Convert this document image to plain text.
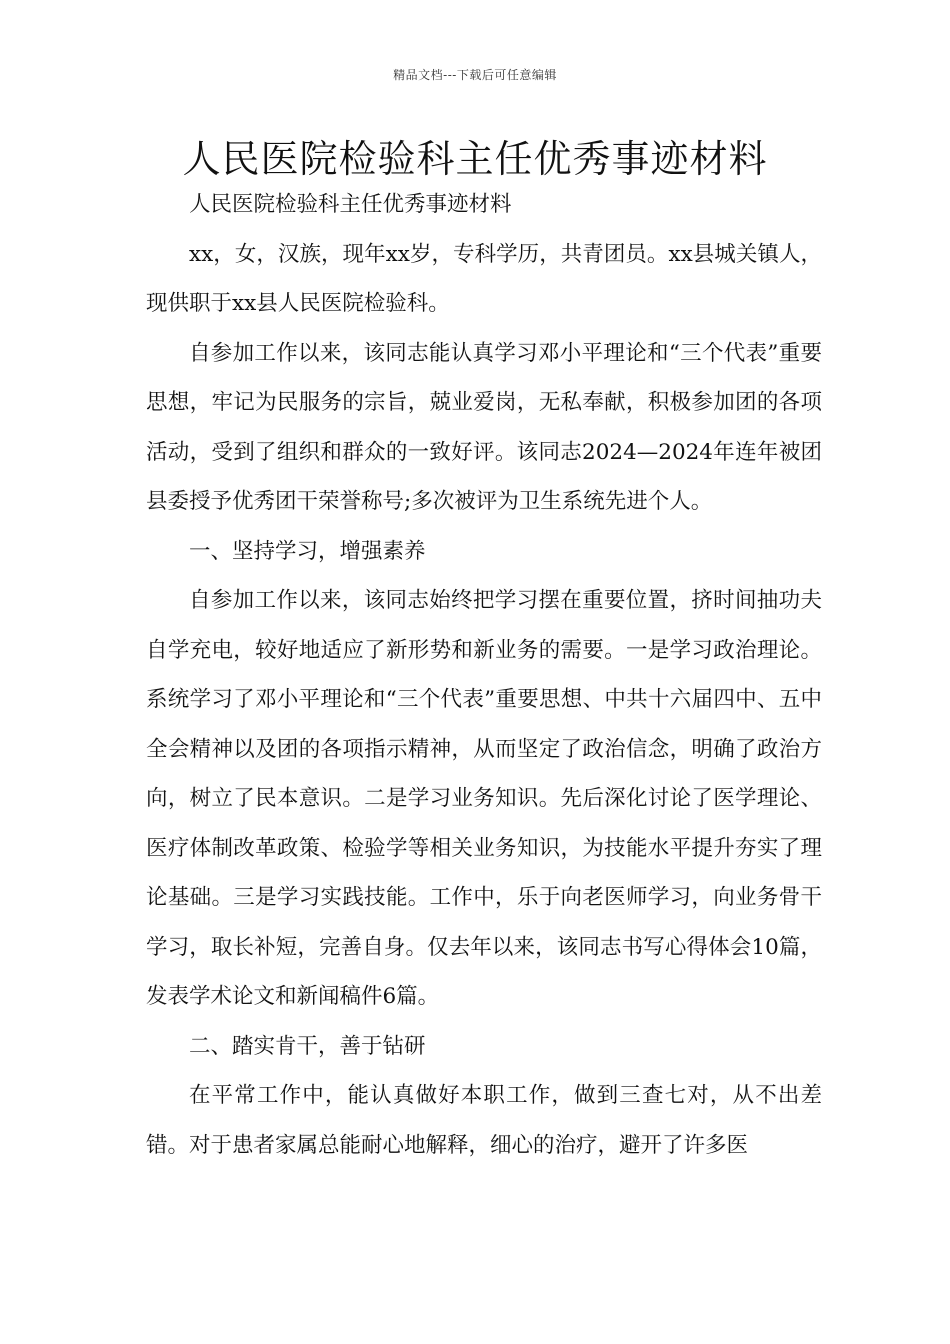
精品文档---下载后可任意编辑
人民医院检验科主任优秀事迹材料

人民医院检验科主任优秀事迹材料

xx，女，汉族，现年xx岁，专科学历，共青团员。xx县城关镇人，现供职于xx县人民医院检验科。

自参加工作以来，该同志能认真学习邓小平理论和“三个代表”重要思想，牢记为民服务的宗旨，兢业爱岗，无私奉献，积极参加团的各项活动，受到了组织和群众的一致好评。该同志2024—2024年连年被团县委授予优秀团干荣誉称号;多次被评为卫生系统先进个人。

一、坚持学习，增强素养

自参加工作以来，该同志始终把学习摆在重要位置，挤时间抽功夫自学充电，较好地适应了新形势和新业务的需要。一是学习政治理论。系统学习了邓小平理论和“三个代表”重要思想、中共十六届四中、五中全会精神以及团的各项指示精神，从而坚定了政治信念，明确了政治方向，树立了民本意识。二是学习业务知识。先后深化讨论了医学理论、医疗体制改革政策、检验学等相关业务知识，为技能水平提升夯实了理论基础。三是学习实践技能。工作中，乐于向老医师学习，向业务骨干学习，取长补短，完善自身。仅去年以来，该同志书写心得体会10篇，发表学术论文和新闻稿件6篇。

二、踏实肯干，善于钻研

在平常工作中，能认真做好本职工作，做到三查七对，从不出差错。对于患者家属总能耐心地解释，细心的治疗，避开了许多医
